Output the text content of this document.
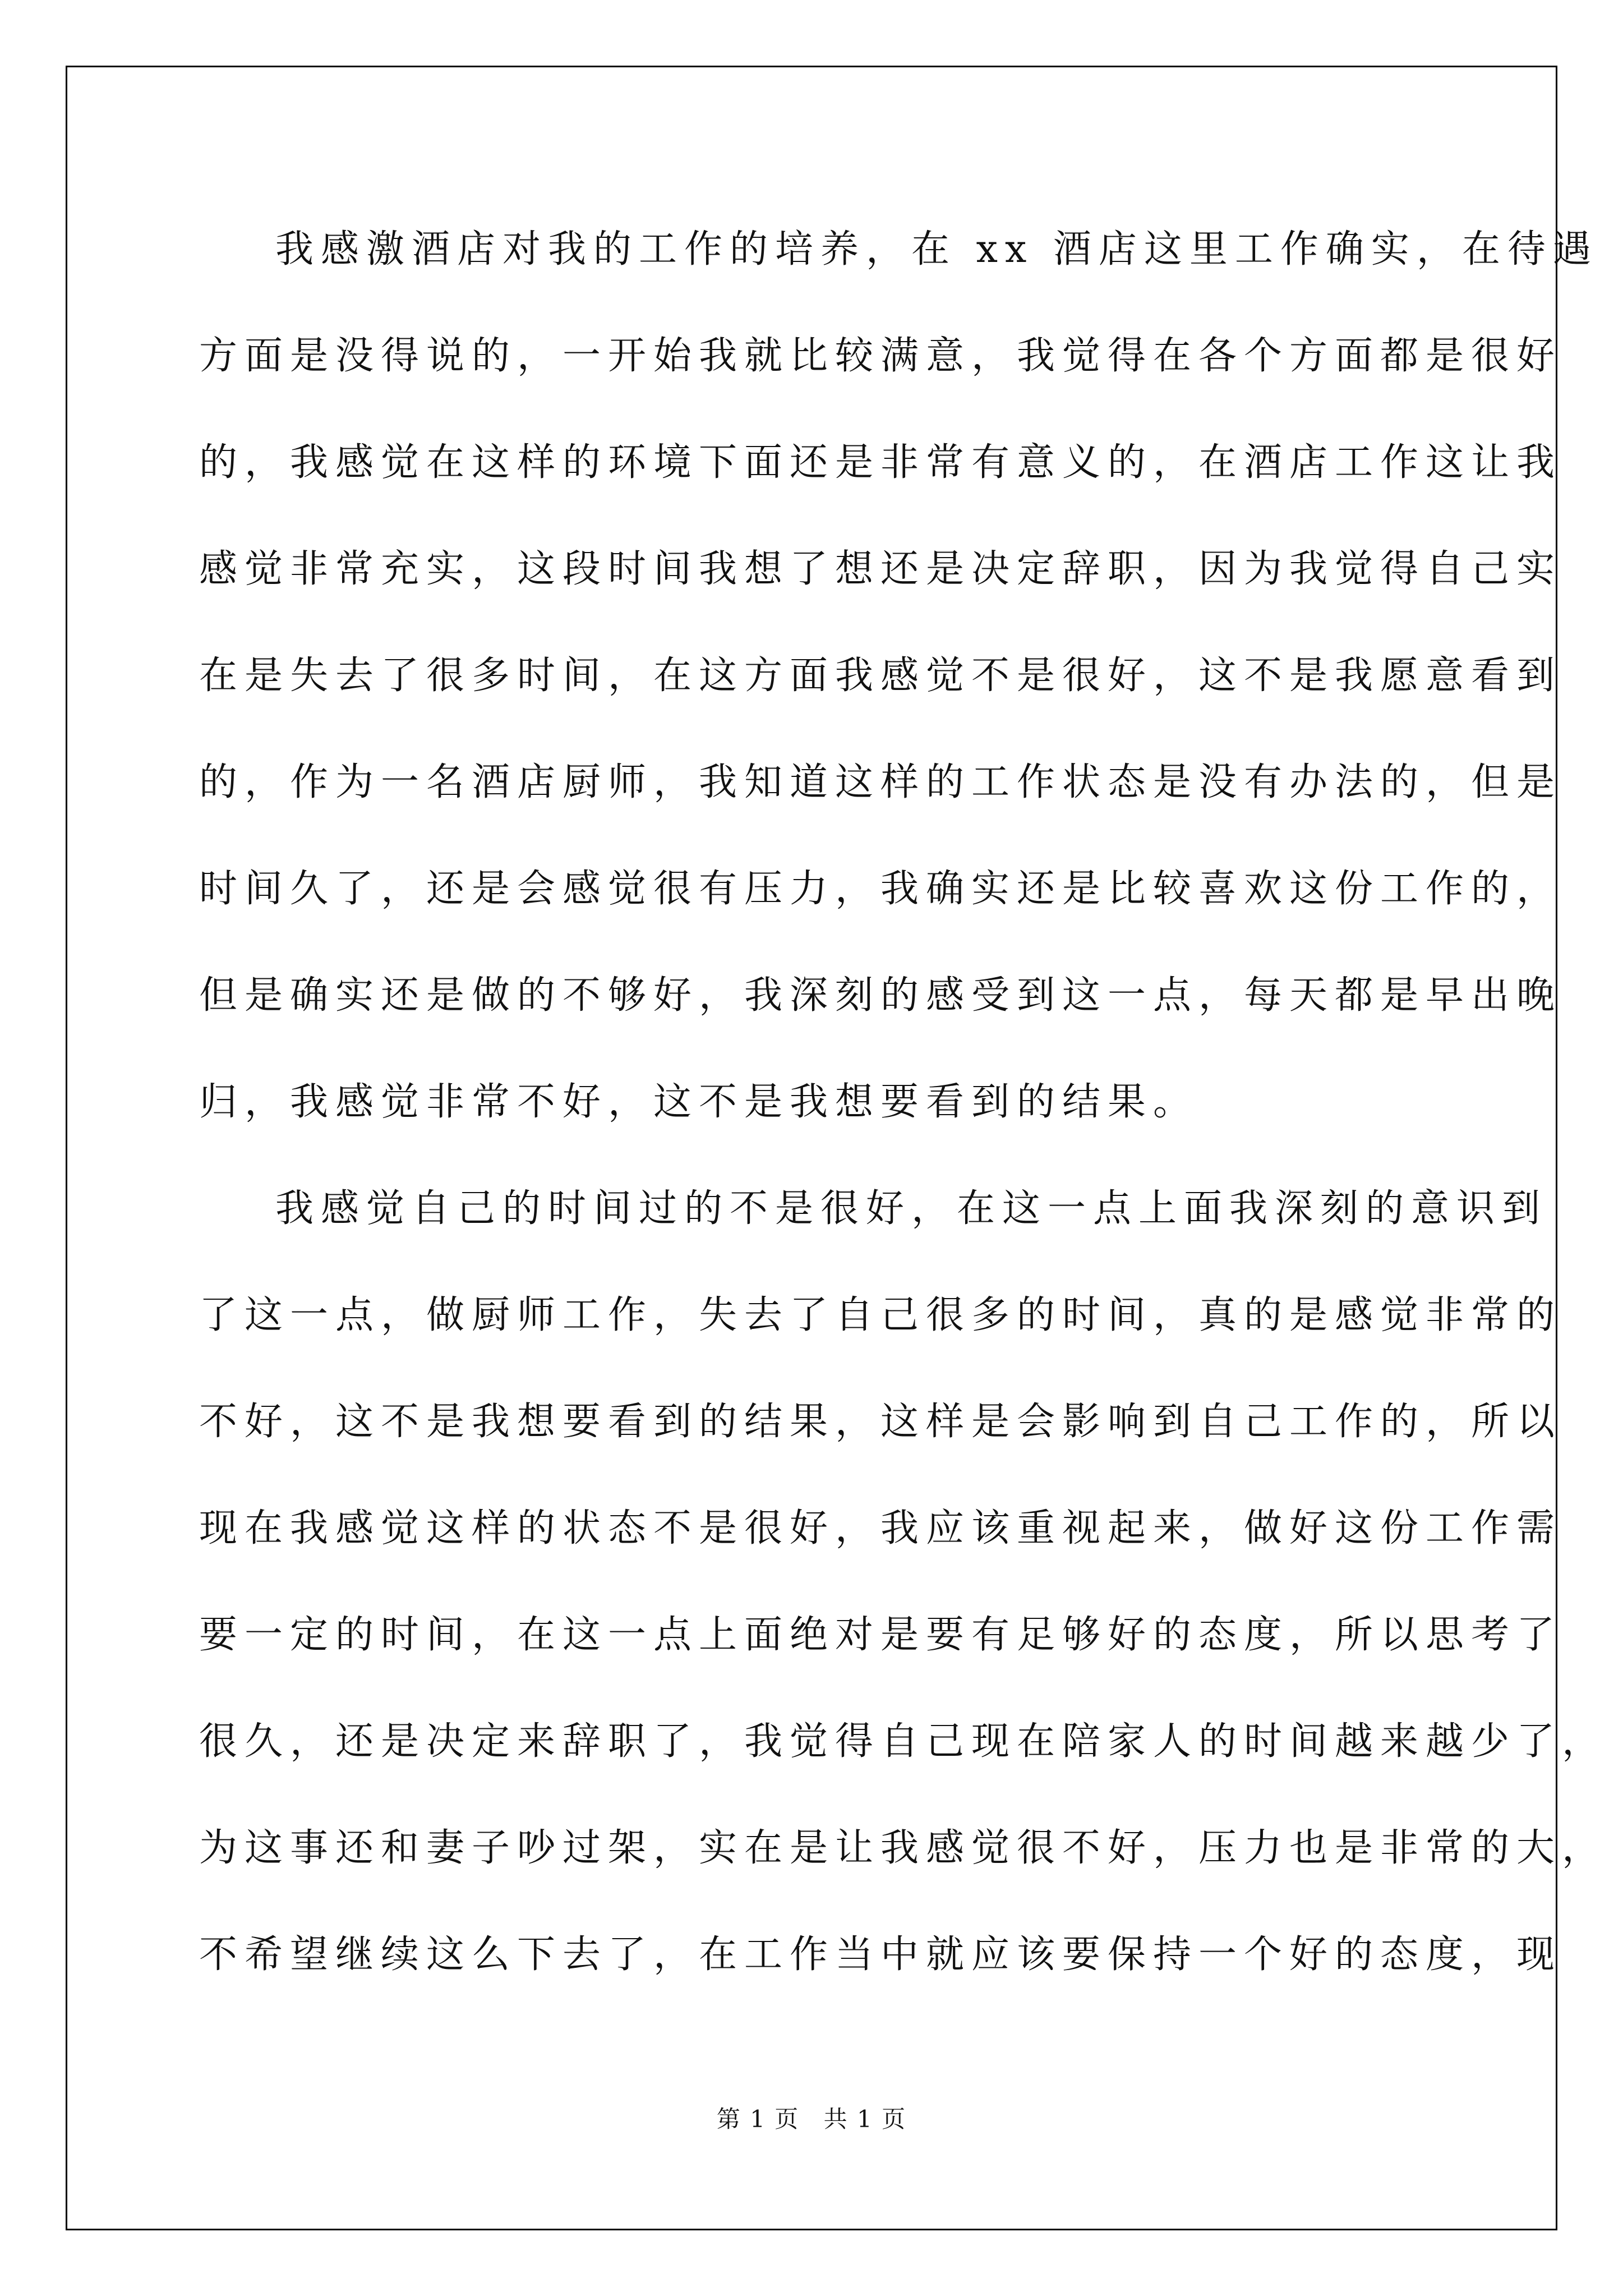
我感激酒店对我的工作的培养，在 xx 酒店这里工作确实，在待遇
方面是没得说的，一开始我就比较满意，我觉得在各个方面都是很好
的，我感觉在这样的环境下面还是非常有意义的，在酒店工作这让我
感觉非常充实，这段时间我想了想还是决定辞职，因为我觉得自己实
在是失去了很多时间，在这方面我感觉不是很好，这不是我愿意看到
的，作为一名酒店厨师，我知道这样的工作状态是没有办法的，但是
时间久了，还是会感觉很有压力，我确实还是比较喜欢这份工作的，
但是确实还是做的不够好，我深刻的感受到这一点，每天都是早出晚
归，我感觉非常不好，这不是我想要看到的结果。
我感觉自己的时间过的不是很好，在这一点上面我深刻的意识到
了这一点，做厨师工作，失去了自己很多的时间，真的是感觉非常的
不好，这不是我想要看到的结果，这样是会影响到自己工作的，所以
现在我感觉这样的状态不是很好，我应该重视起来，做好这份工作需
要一定的时间，在这一点上面绝对是要有足够好的态度，所以思考了
很久，还是决定来辞职了，我觉得自己现在陪家人的时间越来越少了，
为这事还和妻子吵过架，实在是让我感觉很不好，压力也是非常的大，
不希望继续这么下去了，在工作当中就应该要保持一个好的态度，现
第 1 页 共 1 页
